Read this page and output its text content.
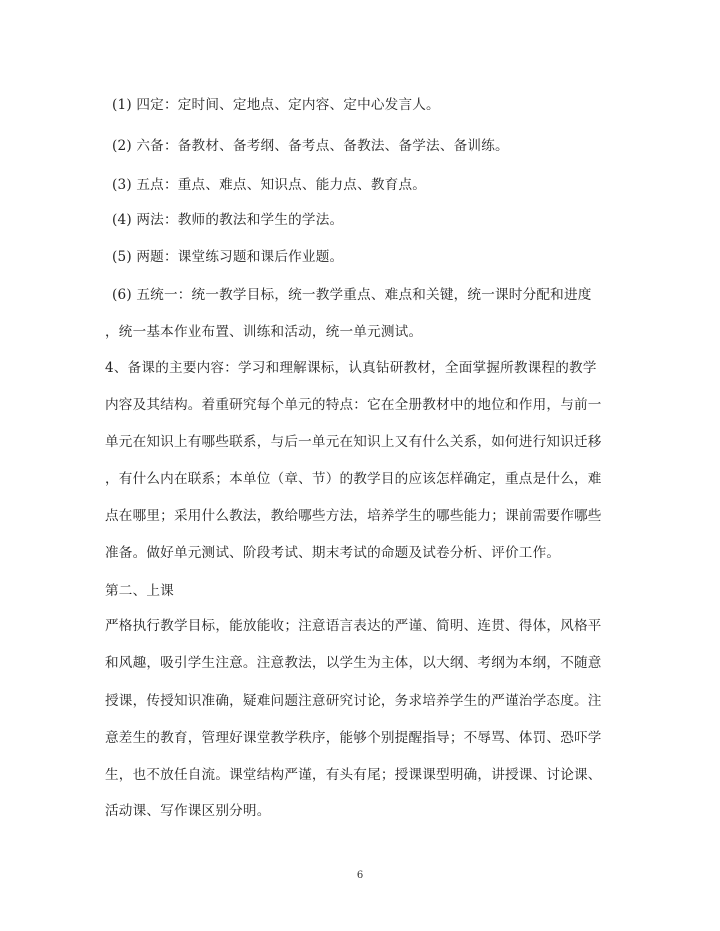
(1) 四定：定时间、定地点、定内容、定中心发言人。
(2) 六备：备教材、备考纲、备考点、备教法、备学法、备训练。
(3) 五点：重点、难点、知识点、能力点、教育点。
(4) 两法：教师的教法和学生的学法。
(5) 两题：课堂练习题和课后作业题。
(6) 五统一：统一教学目标，统一教学重点、难点和关键，统一课时分配和进度
，统一基本作业布置、训练和活动，统一单元测试。
4、备课的主要内容：学习和理解课标，认真钻研教材，全面掌握所教课程的教学
内容及其结构。着重研究每个单元的特点：它在全册教材中的地位和作用，与前一
单元在知识上有哪些联系，与后一单元在知识上又有什么关系，如何进行知识迁移
，有什么内在联系；本单位（章、节）的教学目的应该怎样确定，重点是什么，难
点在哪里；采用什么教法，教给哪些方法，培养学生的哪些能力；课前需要作哪些
准备。做好单元测试、阶段考试、期末考试的命题及试卷分析、评价工作。
第二、上课
严格执行教学目标，能放能收；注意语言表达的严谨、简明、连贯、得体，风格平
和风趣，吸引学生注意。注意教法，以学生为主体，以大纲、考纲为本纲，不随意
授课，传授知识准确，疑难问题注意研究讨论，务求培养学生的严谨治学态度。注
意差生的教育，管理好课堂教学秩序，能够个别提醒指导；不辱骂、体罚、恐吓学
生，也不放任自流。课堂结构严谨，有头有尾；授课课型明确，讲授课、讨论课、
活动课、写作课区别分明。
6
